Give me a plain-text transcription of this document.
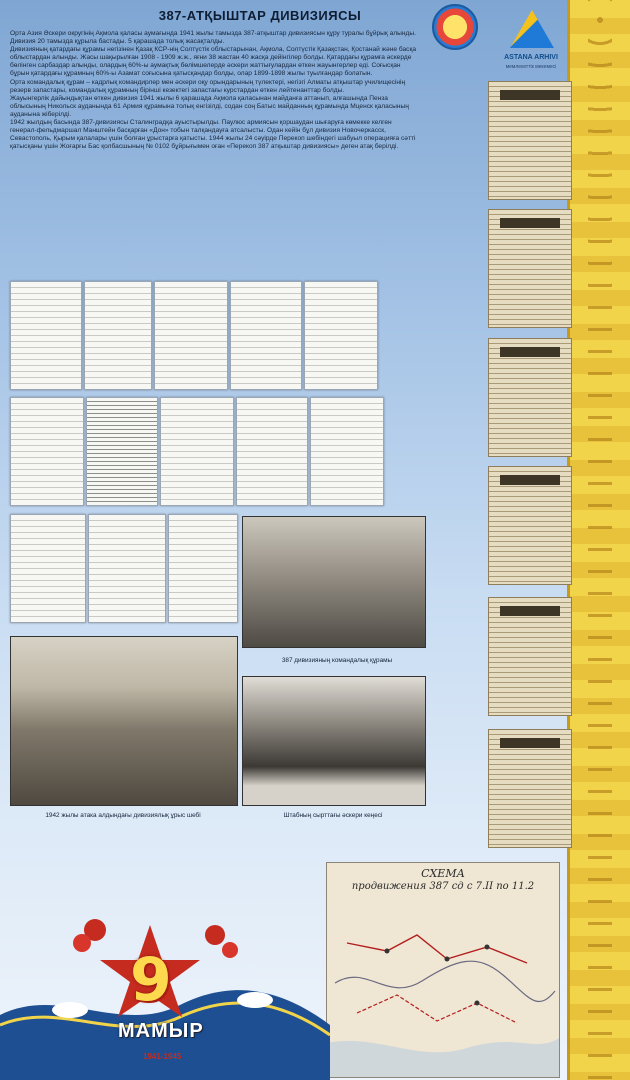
387-АТҚЫШТАР ДИВИЗИЯСЫ
ASTANA ARHIVI
мемлекеттік мекемесі

Орта Азия Әскери округінің Ақмола қаласы аумағында 1941 жылы тамызда 387-атқыштар дивизиясын құру туралы бұйрық алынды. Дивизия 20 тамызда құрыла бастады. 5 қарашада толық жасақталды.

Дивизияның қатардағы құрамы негізінен Қазақ КСР-нің Солтүстік облыстарынан, Ақмола, Солтүстік Қазақстан, Қостанай және басқа облыстардан алынды. Жасы шақырылған 1908 - 1909 ж.ж., яғни 38 жастан 40 жасқа дейінгілер болды. Қатардағы құрамға әскерде бөлінген сарбаздар алынды, олардың 60%-ы аумақтық бөлімшелерде әскери жаттығулардан өткен жауынгерлер еді. Соғысқан бұрын қатардағы құрамның 60%-ы Азамат соғысына қатысқандар болды, олар 1899-1898 жылы туылғандар болатын.

Орта командалық құрам – кадрлық командирлер мен әскери оқу орындарының түлектері, негізгі Алматы атқыштар училищесінің резерв запастары, командалық құрамның бірінші кезектегі запастағы курстардан өткен лейтенанттар болды.

Жауынгерлік дайындықтан өткен дивизия 1941 жылы 6 қарашада Ақмола қаласынан майданға аттанып, алғашында Пенза облысының Никольск ауданында 61 Армия құрамына толық енгізілді, содан соң Батыс майданның құрамында Мценск қаласының ауданына жіберілді.

1942 жылдың басында 387-дивизиясы Сталинградқа ауыстырылды. Паулюс армиясын қоршаудан шығаруға көмекке келген генерал-фельдмаршал Манштейн басқарған «Дон» тобын талқандауға атсалысты. Одан кейін бұл дивизия Новочеркасск, Севастополь, Қырым қалалары үшін болған ұрыстарға қатысты. 1944 жылы 24 сәуірде Перекоп шебіндегі шабуыл операцияға сәтті қатысқаны үшін Жоғарғы Бас қолбасшының № 0102 бұйрығымен оған «Перекоп 387 атқыштар дивизиясы» деген атақ берілді.

387 дивизияның командалық құрамы
1942 жылы атака алдындағы дивизиялық ұрыс шебі	Штабның сырттағы әскери кеңесі
СХЕМА
продвижения 387 сд с 7.II по 11.2
9
МАМЫР
1941-1945
